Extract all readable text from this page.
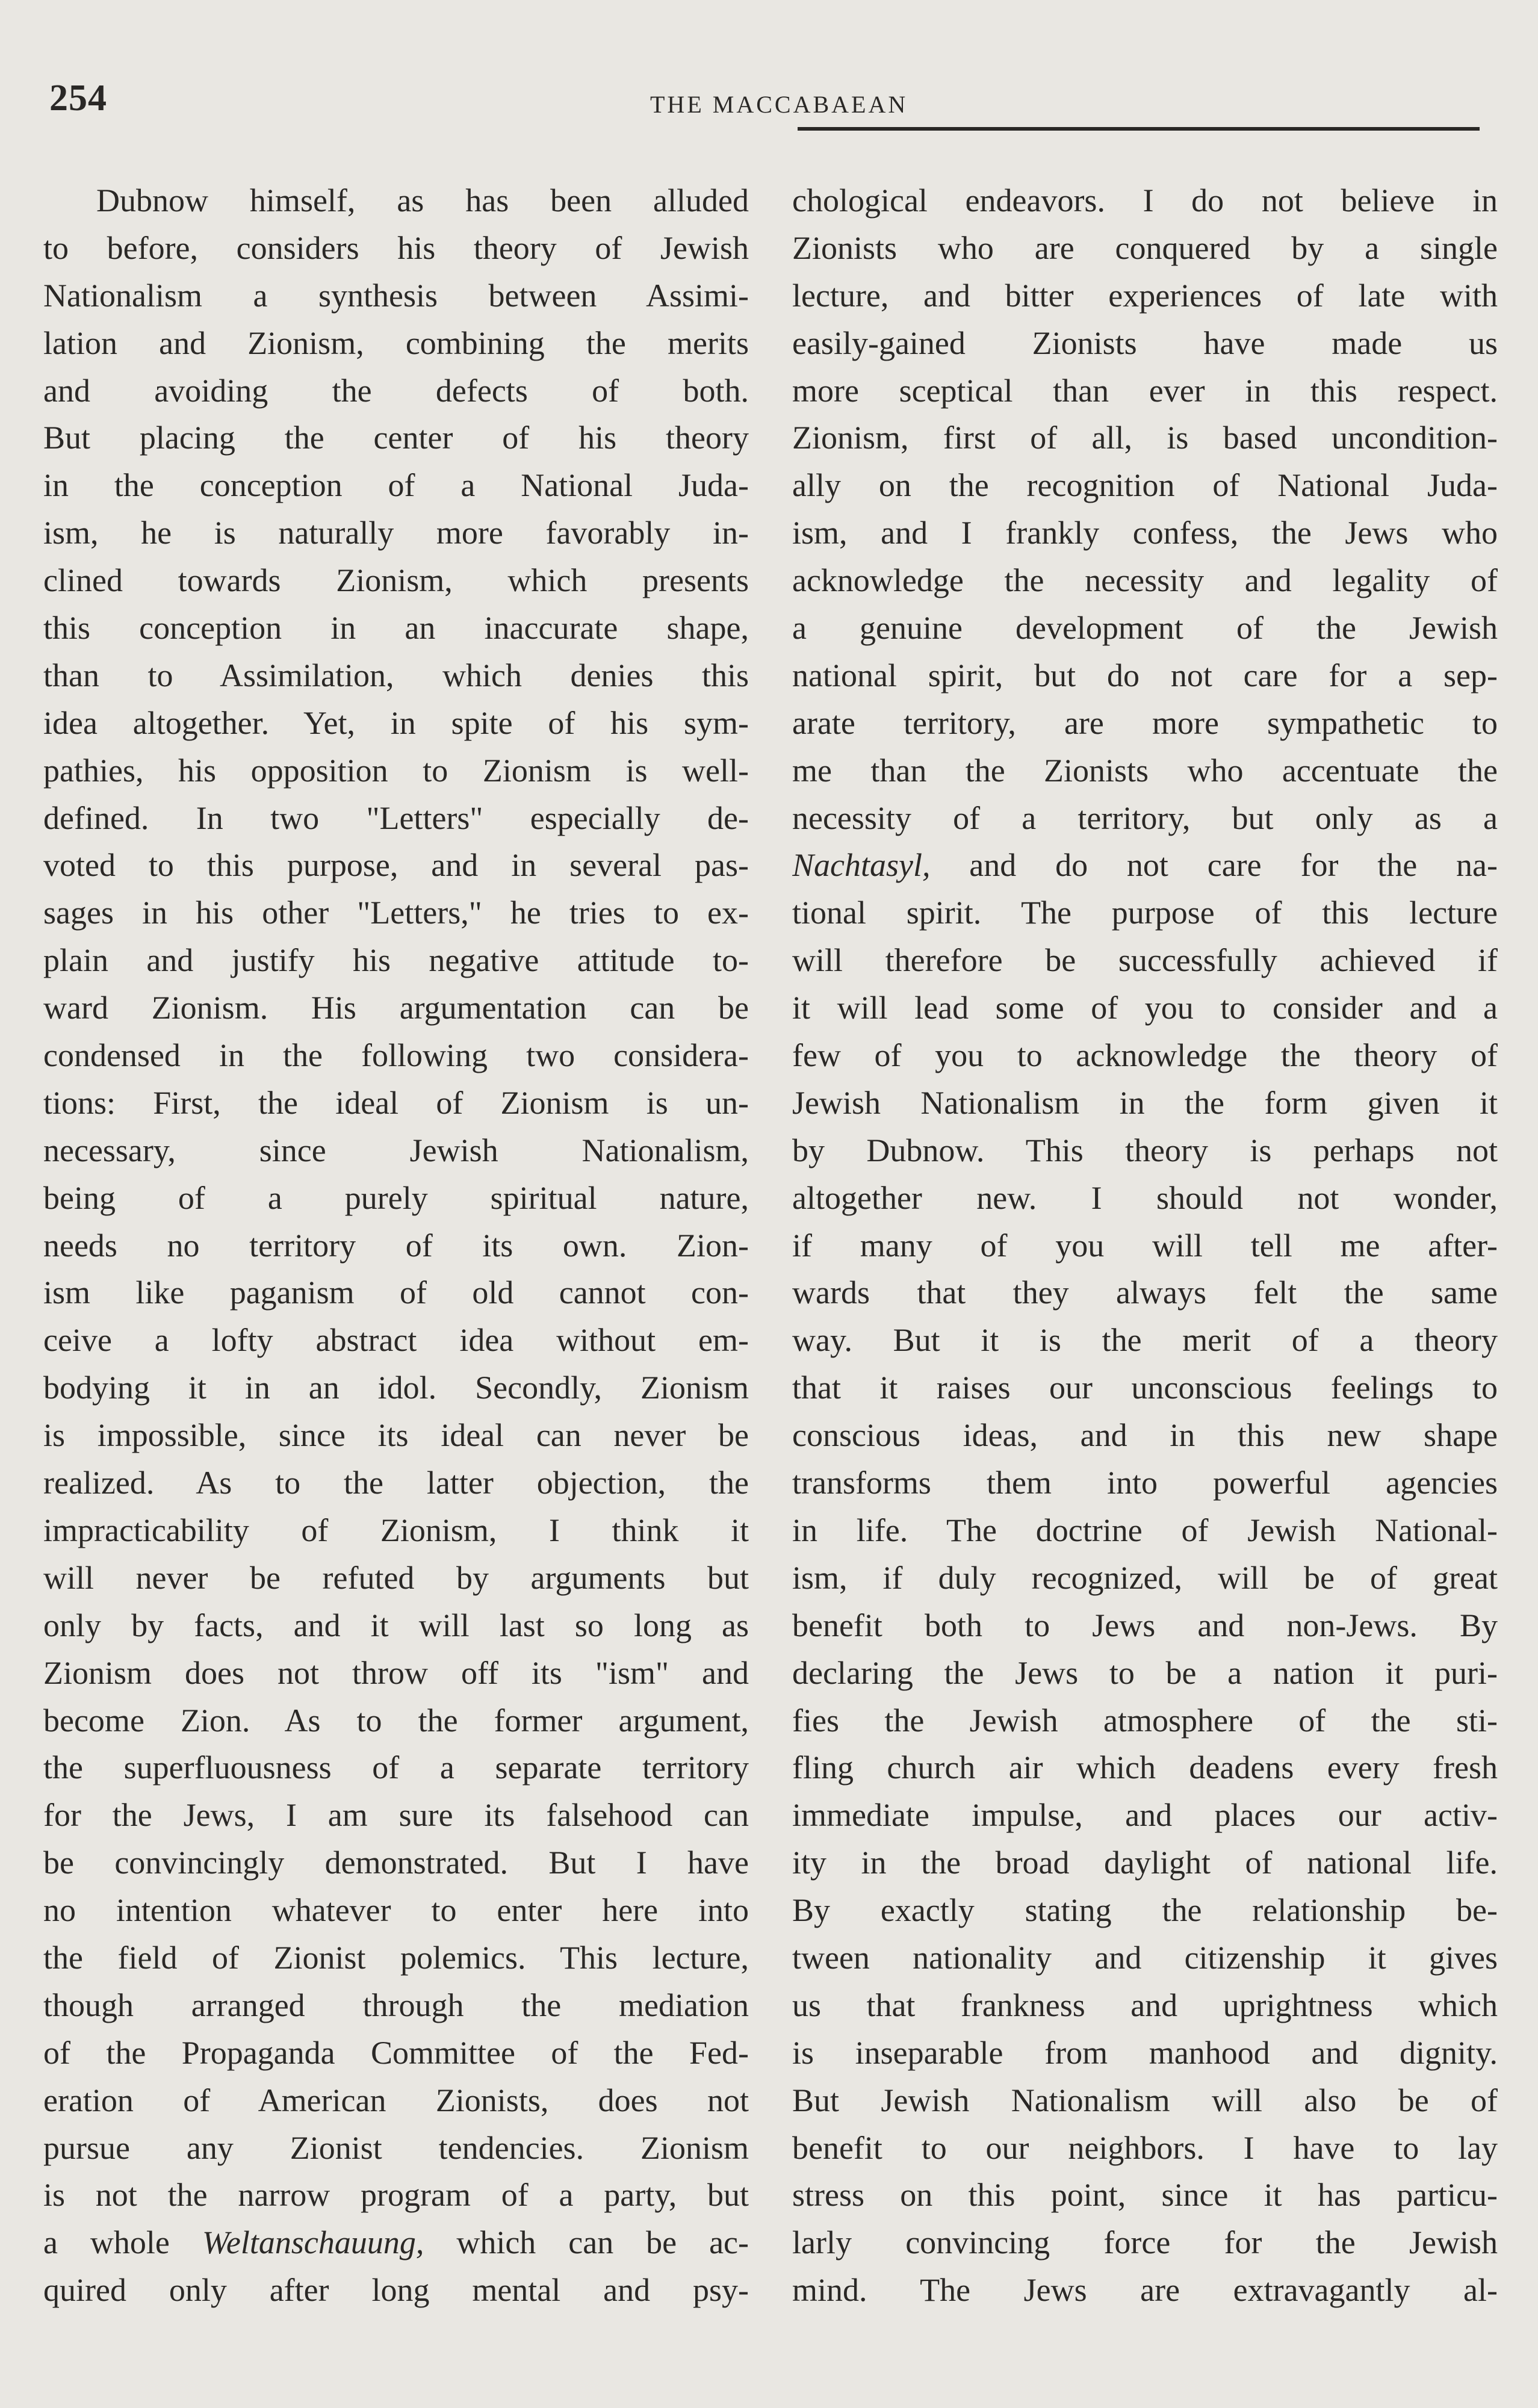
254	THE MACCABAEAN
Dubnow himself, as has been alluded
to before, considers his theory of Jewish
Nationalism a synthesis between Assimi-
lation and Zionism, combining the merits
and avoiding the defects of both.
But placing the center of his theory
in the conception of a National Juda-
ism, he is naturally more favorably in-
clined towards Zionism, which presents
this conception in an inaccurate shape,
than to Assimilation, which denies this
idea altogether. Yet, in spite of his sym-
pathies, his opposition to Zionism is well-
defined. In two "Letters" especially de-
voted to this purpose, and in several pas-
sages in his other "Letters," he tries to ex-
plain and justify his negative attitude to-
ward Zionism. His argumentation can be
condensed in the following two considera-
tions: First, the ideal of Zionism is un-
necessary, since Jewish Nationalism,
being of a purely spiritual nature,
needs no territory of its own. Zion-
ism like paganism of old cannot con-
ceive a lofty abstract idea without em-
bodying it in an idol. Secondly, Zionism
is impossible, since its ideal can never be
realized. As to the latter objection, the
impracticability of Zionism, I think it
will never be refuted by arguments but
only by facts, and it will last so long as
Zionism does not throw off its "ism" and
become Zion. As to the former argument,
the superfluousness of a separate territory
for the Jews, I am sure its falsehood can
be convincingly demonstrated. But I have
no intention whatever to enter here into
the field of Zionist polemics. This lecture,
though arranged through the mediation
of the Propaganda Committee of the Fed-
eration of American Zionists, does not
pursue any Zionist tendencies. Zionism
is not the narrow program of a party, but
a whole Weltanschauung, which can be ac-
quired only after long mental and psy-
chological endeavors. I do not believe in
Zionists who are conquered by a single
lecture, and bitter experiences of late with
easily-gained Zionists have made us
more sceptical than ever in this respect.
Zionism, first of all, is based uncondition-
ally on the recognition of National Juda-
ism, and I frankly confess, the Jews who
acknowledge the necessity and legality of
a genuine development of the Jewish
national spirit, but do not care for a sep-
arate territory, are more sympathetic to
me than the Zionists who accentuate the
necessity of a territory, but only as a
Nachtasyl, and do not care for the na-
tional spirit. The purpose of this lecture
will therefore be successfully achieved if
it will lead some of you to consider and a
few of you to acknowledge the theory of
Jewish Nationalism in the form given it
by Dubnow. This theory is perhaps not
altogether new. I should not wonder,
if many of you will tell me after-
wards that they always felt the same
way. But it is the merit of a theory
that it raises our unconscious feelings to
conscious ideas, and in this new shape
transforms them into powerful agencies
in life. The doctrine of Jewish National-
ism, if duly recognized, will be of great
benefit both to Jews and non-Jews. By
declaring the Jews to be a nation it puri-
fies the Jewish atmosphere of the sti-
fling church air which deadens every fresh
immediate impulse, and places our activ-
ity in the broad daylight of national life.
By exactly stating the relationship be-
tween nationality and citizenship it gives
us that frankness and uprightness which
is inseparable from manhood and dignity.
But Jewish Nationalism will also be of
benefit to our neighbors. I have to lay
stress on this point, since it has particu-
larly convincing force for the Jewish
mind. The Jews are extravagantly al-
